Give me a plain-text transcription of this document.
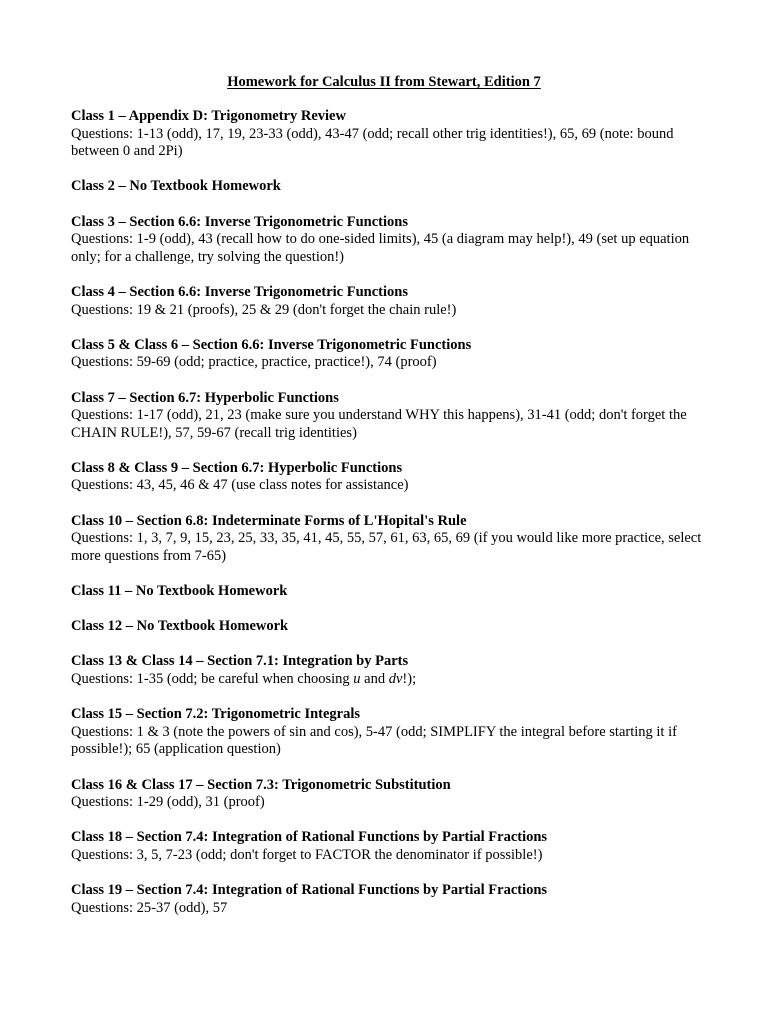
Homework for Calculus II from Stewart, Edition 7
Class 1 – Appendix D: Trigonometry Review
Questions: 1-13 (odd), 17, 19, 23-33 (odd), 43-47 (odd; recall other trig identities!), 65, 69 (note: bound between 0 and 2Pi)
Class 2 – No Textbook Homework
Class 3 – Section 6.6: Inverse Trigonometric Functions
Questions: 1-9 (odd), 43 (recall how to do one-sided limits), 45 (a diagram may help!), 49 (set up equation only; for a challenge, try solving the question!)
Class 4 – Section 6.6: Inverse Trigonometric Functions
Questions: 19 & 21 (proofs), 25 & 29 (don't forget the chain rule!)
Class 5 & Class 6 – Section 6.6: Inverse Trigonometric Functions
Questions: 59-69 (odd; practice, practice, practice!), 74 (proof)
Class 7 – Section 6.7: Hyperbolic Functions
Questions: 1-17 (odd), 21, 23 (make sure you understand WHY this happens), 31-41 (odd; don't forget the CHAIN RULE!), 57, 59-67 (recall trig identities)
Class 8 & Class 9 – Section 6.7: Hyperbolic Functions
Questions: 43, 45, 46 & 47 (use class notes for assistance)
Class 10 – Section 6.8: Indeterminate Forms of L'Hopital's Rule
Questions: 1, 3, 7, 9, 15, 23, 25, 33, 35, 41, 45, 55, 57, 61, 63, 65, 69 (if you would like more practice, select more questions from 7-65)
Class 11 – No Textbook Homework
Class 12 – No Textbook Homework
Class 13 & Class 14 – Section 7.1: Integration by Parts
Questions: 1-35 (odd; be careful when choosing u and dv!);
Class 15 – Section 7.2: Trigonometric Integrals
Questions: 1 & 3 (note the powers of sin and cos), 5-47 (odd; SIMPLIFY the integral before starting it if possible!); 65 (application question)
Class 16 & Class 17 – Section 7.3: Trigonometric Substitution
Questions: 1-29 (odd), 31 (proof)
Class 18 – Section 7.4: Integration of Rational Functions by Partial Fractions
Questions: 3, 5, 7-23 (odd; don't forget to FACTOR the denominator if possible!)
Class 19 – Section 7.4: Integration of Rational Functions by Partial Fractions
Questions: 25-37 (odd), 57
